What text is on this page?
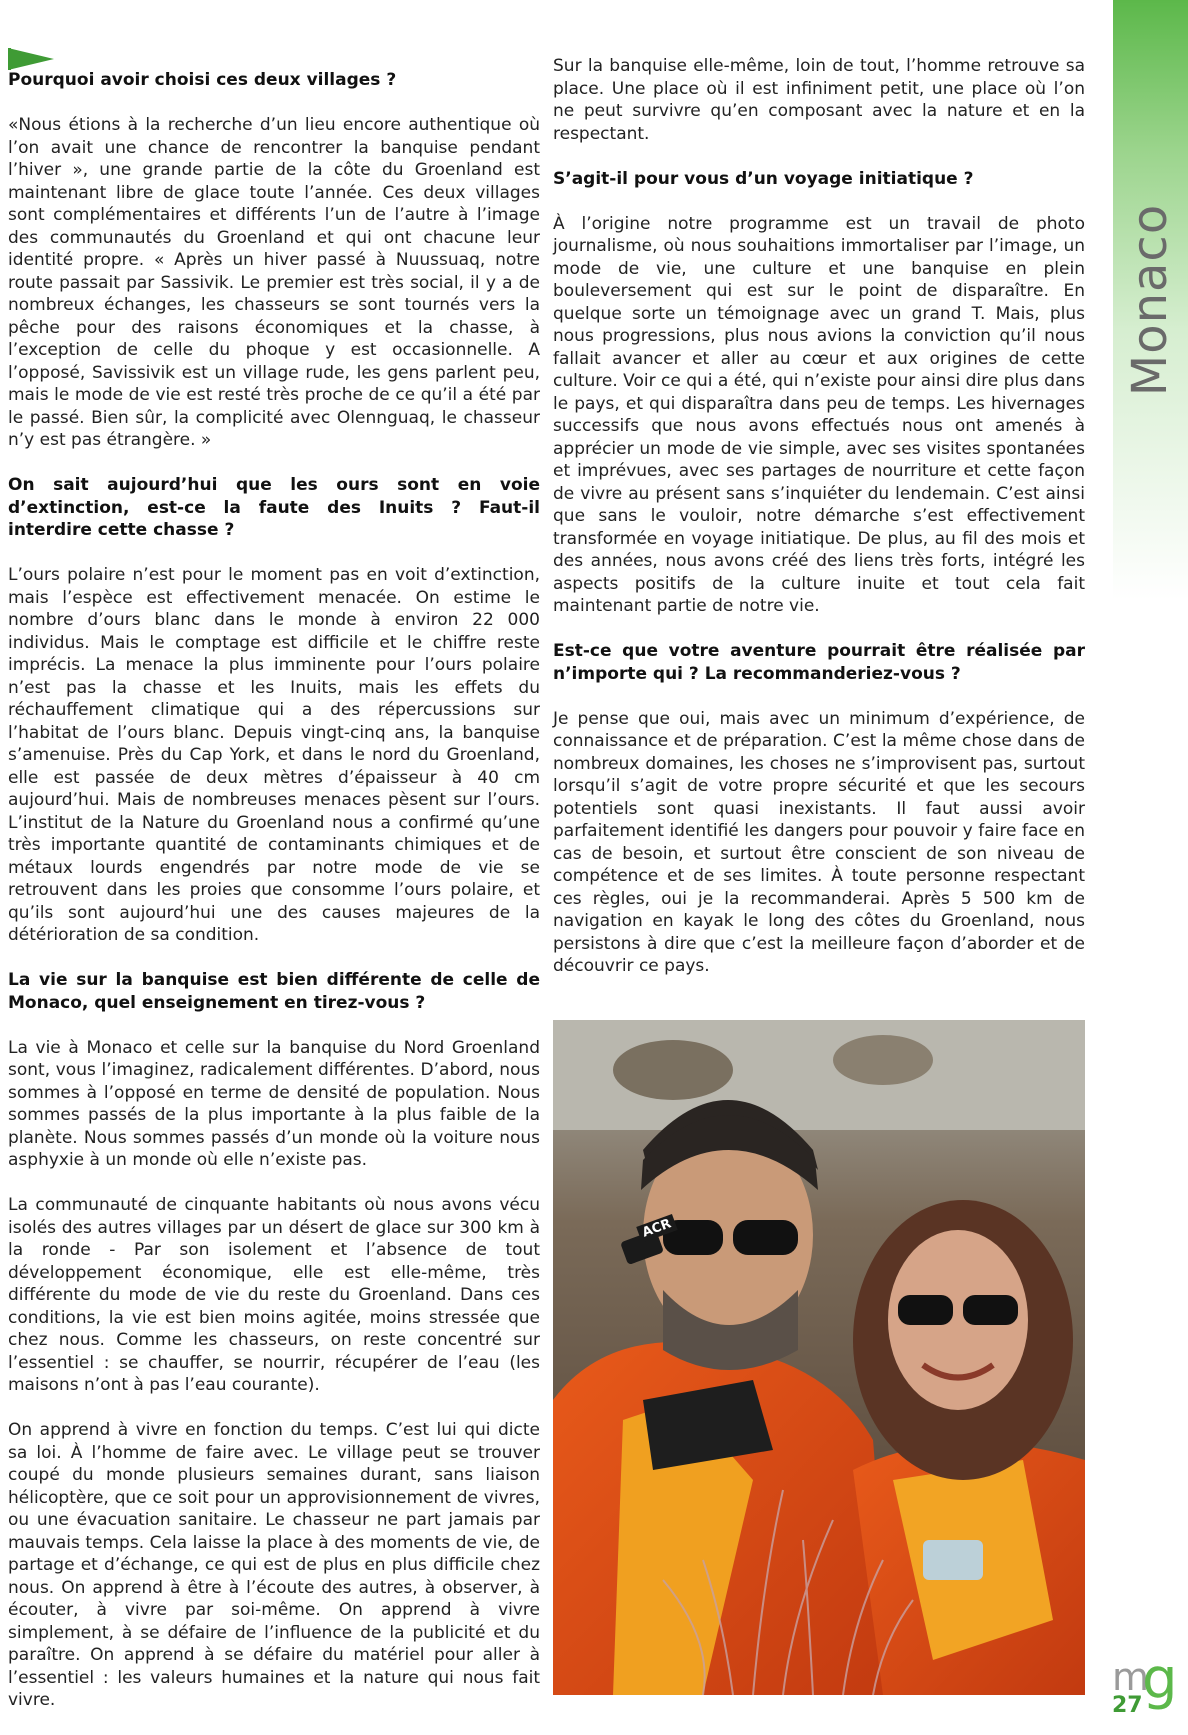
Monaco

Pourquoi avoir choisi ces deux villages ?

«Nous étions à la recherche d’un lieu encore authentique où l’on avait une chance de rencontrer la banquise pendant l’hiver », une grande partie de la côte du Groenland est maintenant libre de glace toute l’année. Ces deux villages sont complémentaires et différents l’un de l’autre à l’image des communautés du Groenland et qui ont chacune leur identité propre. « Après un hiver passé à Nuussuaq, notre route passait par Sassivik. Le premier est très social, il y a de nombreux échanges, les chasseurs se sont tournés vers la pêche pour des raisons économiques et la chasse, à l’exception de celle du phoque y est occasionnelle. A l’opposé, Savissivik est un village rude, les gens parlent peu, mais le mode de vie est resté très proche de ce qu’il a été par le passé. Bien sûr, la complicité avec Olennguaq, le chasseur n’y est pas étrangère. »

On sait aujourd’hui que les ours sont en voie d’extinction, est-ce la faute des Inuits ? Faut-il interdire cette chasse ?

L’ours polaire n’est pour le moment pas en voit d’extinction, mais l’espèce est effectivement menacée. On estime le nombre d’ours blanc dans le monde à environ 22 000 individus. Mais le comptage est difficile et le chiffre reste imprécis. La menace la plus imminente pour l’ours polaire n’est pas la chasse et les Inuits, mais les effets du réchauffement climatique qui a des répercussions sur l’habitat de l’ours blanc. Depuis vingt-cinq ans, la banquise s’amenuise. Près du Cap York, et dans le nord du Groenland, elle est passée de deux mètres d’épaisseur à 40 cm aujourd’hui. Mais de nombreuses menaces pèsent sur l’ours. L’institut de la Nature du Groenland nous a confirmé qu’une très importante quantité de contaminants chimiques et de métaux lourds engendrés par notre mode de vie se retrouvent dans les proies que consomme l’ours polaire, et qu’ils sont aujourd’hui une des causes majeures de la détérioration de sa condition.

La vie sur la banquise est bien différente de celle de Monaco, quel enseignement en tirez-vous ?

La vie à Monaco et celle sur la banquise du Nord Groenland sont, vous l’imaginez, radicalement différentes. D’abord, nous sommes à l’opposé en terme de densité de population. Nous sommes passés de la plus importante à la plus faible de la planète. Nous sommes passés d’un monde où la voiture nous asphyxie à un monde où elle n’existe pas.

La communauté de cinquante habitants où nous avons vécu isolés des autres villages par un désert de glace sur 300 km à la ronde - Par son isolement et l’absence de tout développement économique, elle est elle-même, très différente du mode de vie du reste du Groenland. Dans ces conditions, la vie est bien moins agitée, moins stressée que chez nous. Comme les chasseurs, on reste concentré sur l’essentiel : se chauffer, se nourrir, récupérer de l’eau (les maisons n’ont à pas l’eau courante).

On apprend à vivre en fonction du temps. C’est lui qui dicte sa loi. À l’homme de faire avec. Le village peut se trouver coupé du monde plusieurs semaines durant, sans liaison hélicoptère, que ce soit pour un approvisionnement de vivres, ou une évacuation sanitaire. Le chasseur ne part jamais par mauvais temps. Cela laisse la place à des moments de vie, de partage et d’échange, ce qui est de plus en plus difficile chez nous. On apprend à être à l’écoute des autres, à observer, à écouter, à vivre par soi-même. On apprend à vivre simplement, à se défaire de l’influence de la publicité et du paraître. On apprend à se défaire du matériel pour aller à l’essentiel : les valeurs humaines et la nature qui nous fait vivre.

Sur la banquise elle-même, loin de tout, l’homme retrouve sa place. Une place où il est infiniment petit, une place où l’on ne peut survivre qu’en composant avec la nature et en la respectant.

S’agit-il pour vous d’un voyage initiatique ?

À l’origine notre programme est un travail de photo journalisme, où nous souhaitions immortaliser par l’image, un mode de vie, une culture et une banquise en plein bouleversement qui est sur le point de disparaître. En quelque sorte un témoignage avec un grand T. Mais, plus nous progressions, plus nous avions la conviction qu’il nous fallait avancer et aller au cœur et aux origines de cette culture. Voir ce qui a été, qui n’existe pour ainsi dire plus dans le pays, et qui disparaîtra dans peu de temps. Les hivernages successifs que nous avons effectués nous ont amenés à apprécier un mode de vie simple, avec ses visites spontanées et imprévues, avec ses partages de nourriture et cette façon de vivre au présent sans s’inquiéter du lendemain. C’est ainsi que sans le vouloir, notre démarche s’est effectivement transformée en voyage initiatique. De plus, au fil des mois et des années, nous avons créé des liens très forts, intégré les aspects positifs de la culture inuite et tout cela fait maintenant partie de notre vie.

Est-ce que votre aventure pourrait être réalisée par n’importe qui ? La recommanderiez-vous ?

Je pense que oui, mais avec un minimum d’expérience, de connaissance et de préparation. C’est la même chose dans de nombreux domaines, les choses ne s’improvisent pas, surtout lorsqu’il s’agit de votre propre sécurité et que les secours potentiels sont quasi inexistants. Il faut aussi avoir parfaitement identifié les dangers pour pouvoir y faire face en cas de besoin, et surtout être conscient de son niveau de compétence et de ses limites. À toute personne respectant ces règles, oui je la recommanderai. Après 5 500 km de navigation en kayak le long des côtes du Groenland, nous persistons à dire que c’est la meilleure façon d’aborder et de découvrir ce pays.

ACR
m
g
27
